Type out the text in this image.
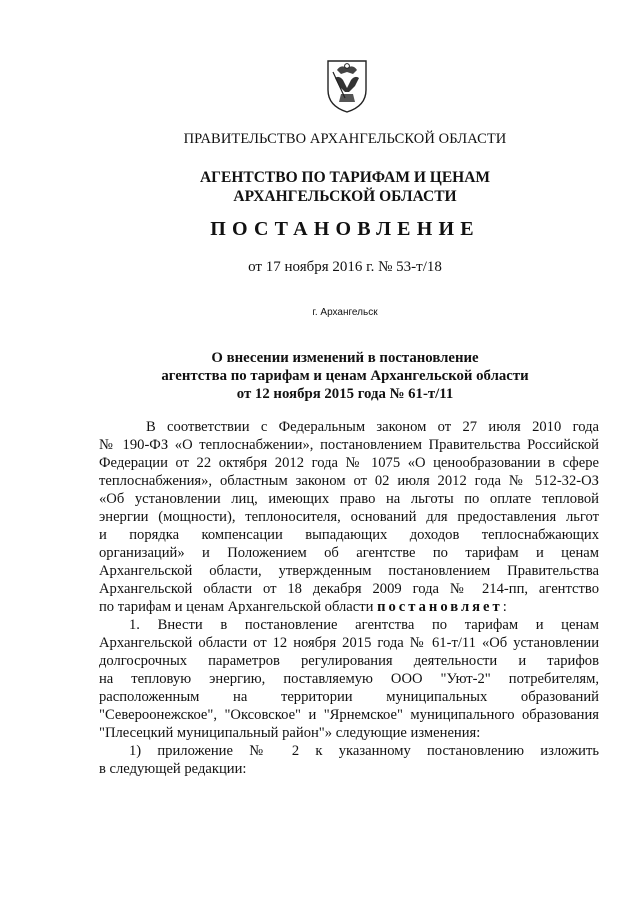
ПРАВИТЕЛЬСТВО АРХАНГЕЛЬСКОЙ ОБЛАСТИ
АГЕНТСТВО ПО ТАРИФАМ И ЦЕНАМ
АРХАНГЕЛЬСКОЙ ОБЛАСТИ
ПОСТАНОВЛЕНИЕ
от 17 ноября 2016 г. № 53-т/18
г. Архангельск
О внесении изменений в постановление
агентства по тарифам и ценам Архангельской области
от 12 ноября 2015 года № 61-т/11
В соответствии с Федеральным законом от 27 июля 2010 года
№ 190-ФЗ «О теплоснабжении», постановлением Правительства Российской
Федерации от 22 октября 2012 года № 1075 «О ценообразовании в сфере
теплоснабжения», областным законом от 02 июля 2012 года № 512-32-ОЗ
«Об установлении лиц, имеющих право на льготы по оплате тепловой
энергии (мощности), теплоносителя, оснований для предоставления льгот
и порядка компенсации выпадающих доходов теплоснабжающих
организаций» и Положением об агентстве по тарифам и ценам
Архангельской области, утвержденным постановлением Правительства
Архангельской области от 18 декабря 2009 года № 214-пп, агентство
по тарифам и ценам Архангельской области постановляет:
1. Внести в постановление агентства по тарифам и ценам
Архангельской области от 12 ноября 2015 года № 61-т/11 «Об установлении
долгосрочных параметров регулирования деятельности и тарифов
на тепловую энергию, поставляемую ООО "Уют-2" потребителям,
расположенным на территории муниципальных образований
"Североонежское", "Оксовское" и "Ярнемское" муниципального образования
"Плесецкий муниципальный район"» следующие изменения:
1) приложение № 2 к указанному постановлению изложить
в следующей редакции:
